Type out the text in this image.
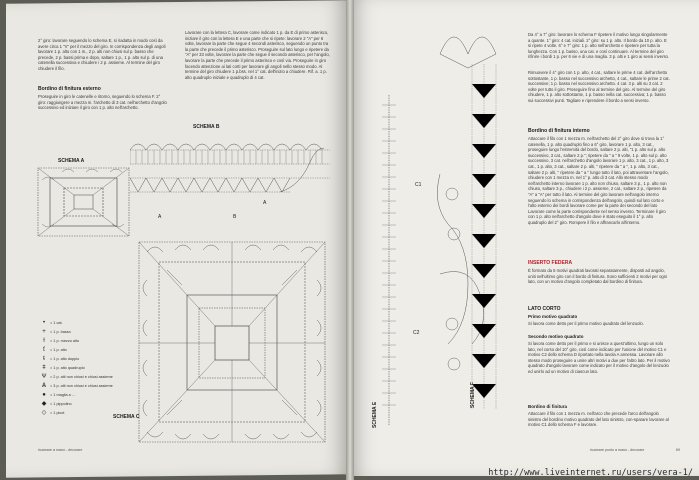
2° giro: lavorare seguendo lo schema E, si riadatta in modo così da avere circa 1 "V" per il mezzo del giro. In corrispondenza degli angoli lavorare 1 p. alto con 1 m., 2 p. alti non chiusi sul p. basso che precede, 2 p. bassi prima e dopo, saltare 1 p., 1 p. alto sul p. di una catenella successiva e chiudere i 2 p. assieme. Al termine del giro chiudere il filo.
Bordino di finitura esterno
Proseguire in giro le catenelle e ritorno, seguendo lo schema F. 2° giro: raggiungere a mezza m. l'archetto di 3 cat. nell'archetto d'angolo successivo ed iniziare il giro con 1 p. alto nell'archetto.
Lavorare con la lettera C, lavorare come indicato 1 p. da E di primo asterisco, iniziare il giro con la lettera E e una parte che si ripete: lavorare 2 "A" per 6 volte, lavorare la parte che segue 4 secondi asterisco, seguendo un punto tra la parte che precede il primo asterisco. Proseguire sul lato lungo e ripetere da "A" per 33 volte, lavorare la parte che segue il secondo asterisco, per l'angolo, lavorare la parte che precede il primo asterisco e così via. Proseguire in giro facendo attenzione ai lati corti per lavorare gli angoli nello stesso modo. Al termine del giro chiudere 1 p.bss. nel 1° cat. dell'inizio a chiudere. Rif. a. 1 p. alto quadruplo iniziale e quadruplo di 4 cat.
SCHEMA A
SCHEMA B
SCHEMA C
A
A
B
•	= 1 cat.
+	= 1 p. basso
ƚ	= 1 p. mezzo alto
ƭ	= 1 p. alto
ŧ	= 1 p. alto doppio
ǂ	= 1 p. alto quadruplo
Ѱ = 2 p. alti non chiusi e chiusi assieme
Ѧ	= 3 p. alti non chiusi e chiusi assieme
●	= 1 maglia a ...
◆ = 1 pippolino
◇ = 1 picot
ricamare a mano - decorare
SCHEMA E
C1
C2
SCHEMA F
Da 4° a 7° giro: lavorare lo schema F ripetere il motivo lungo singolarmente a quante. 1° giro: 4 cat. iniziali. 2° giro: su 1 p. alto. Il bordo da 10 p. alto. E si ripete 4 volte. 6° e 7° giro: 1 p. alto nell'archetto e ripetere per tutta la lunghezza. Con 1 p. basso, una cat. e così continuare. Al termine del giro rifinire i bordi 1 p. per 6 vie e di una maglia. 3 p. alti e 1 giro ai sensi inverso.
Rimuovere il 4° giro con 1 p. alto, 4 cat., saltare le prime 4 cat. dell'archetto sottostante, 1 p. basso nel successivo archetto, 4 cat., saltare le prime 2 cat. successive; 1 p. basso nel successivo archetto. 4 cat. 3 p. alti su 3 cat. 2 volte per tutto il giro. Proseguire fino al termine del giro. Al termine del giro chiudere, 1 p. alto sottostante, 1 p. basso nella cat. successiva; 1 p. basso sui successivi punti. Tagliare e riprendere il bordo a sensi inverso.
Bordino di finitura interno
Attaccare il filo con 1 mezza m. nell'archetto del 2° giro dove si trova la 1° catenella, 1 p. alto quadruplo fino a 6° giro, lavorare 1 p. alto, 3 cat., proseguire lungo l'estremità del bordo, saltare 2 p. alti, "1 p. alto sul p. alto successivo, 3 cat., saltare 2 p."; ripetere da " a " 9 volte, 1 p. alto sul p. alto successivo, 3 cat. nell'archetto d'angolo lavorare 1 p. alto, 3 cat., 1 p. alto, 3 cat., 1 p. alto, 3 cat., saltare 2 p. alti, " ripetere da " a ", 1 p. alto, 3 cat., saltare 2 p. alti, " ripetere da " a " lungo tutto il lato, poi attraversare l'angolo, chiudere con 1 mezza m. nel 1° p. alto di 3 cat. Allo stesso modo nell'archetto interno lavorare 1 p. alto non chiuso, saltare 3 p., 1 p. alto non chiuso, saltare 3 p., chiudere i 2 p. assieme, 2 cat., saltare 2 p., ripetere da "A" a "A" per tutto il lato. Al termine del giro lavorare nell'angolo interno seguendo lo schema in corrispondenza dell'angolo, quindi sul lato corto e l'alto esterno dei bordi lavorare come per la parte dei secondo del lato Lavorare come la parte corrispondente nel senso inverso. Terminare il giro con 1 p. alto nell'archetto d'angolo dove è stato eseguito il 1° p. alto quadruplo del 2° giro. Rompere il filo e affrancarlo all'interno.
INSERTO FEDERA
È formato da 5 motivi quadrati lavorati separatamente, disposti ad angolo, uniti nell'ultimo giro con il bordo di finitura. Sono sufficienti 2 motivi per ogni lato, con un motivo d'angolo completato dal bordino di finitura.
LATO CORTO
Primo motivo quadrato
Si lavora come detto per il primo motivo quadrato del lenzuolo.
Secondo motivo quadrato
Si lavora come detto per il primo e si unisce a quest'ultimo, lungo un solo lato, nel corso del 10° giro, così come indicato per l'unione del motivo C1 e motivo C2 dello schema D riportato nella tavola A annessa. Lavorare allo stesso modo proseguire a unire altri motivi a due per l'altro lato. Per il motivo quadrato d'angolo lavorare come indicato per il motivo d'angolo del lenzuolo ed unirlo ad un motivo di ciascun lato.
Bordino di finitura
Attaccare il filo con 1 mezza m. nell'arco che precede l'arco dell'angolo sinistro del bordino motivo quadrato del lato sinistro, con-sparare lavorare al motivo C1 dello schema F e lavorare.
ricamare punto a mano - decorare	69
http://www.liveinternet.ru/users/vera-1/
